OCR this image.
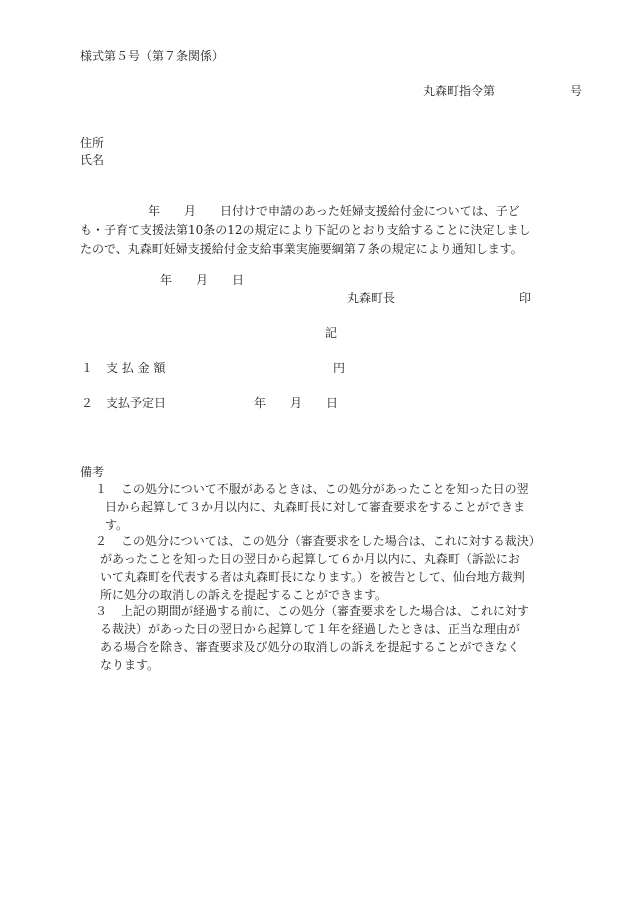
様式第５号（第７条関係）
丸森町指令第	号
住所
氏名
年　　月　　日付けで申請のあった妊婦支援給付金については、子ど
も・子育て支援法第10条の12の規定により下記のとおり支給することに決定しまし
たので、丸森町妊婦支援給付金支給事業実施要綱第７条の規定により通知します。
年　　月　　日
丸森町長	印
記
１ 支 払 金 額	円
２ 支払予定日	年　　月　　日
備考
１ この処分について不服があるときは、この処分があったことを知った日の翌
日から起算して３か月以内に、丸森町長に対して審査要求をすることができま
す。
２ この処分については、この処分（審査要求をした場合は、これに対する裁決）
があったことを知った日の翌日から起算して６か月以内に、丸森町（訴訟にお
いて丸森町を代表する者は丸森町長になります。）を被告として、仙台地方裁判
所に処分の取消しの訴えを提起することができます。
３ 上記の期間が経過する前に、この処分（審査要求をした場合は、これに対す
る裁決）があった日の翌日から起算して１年を経過したときは、正当な理由が
ある場合を除き、審査要求及び処分の取消しの訴えを提起することができなく
なります。
